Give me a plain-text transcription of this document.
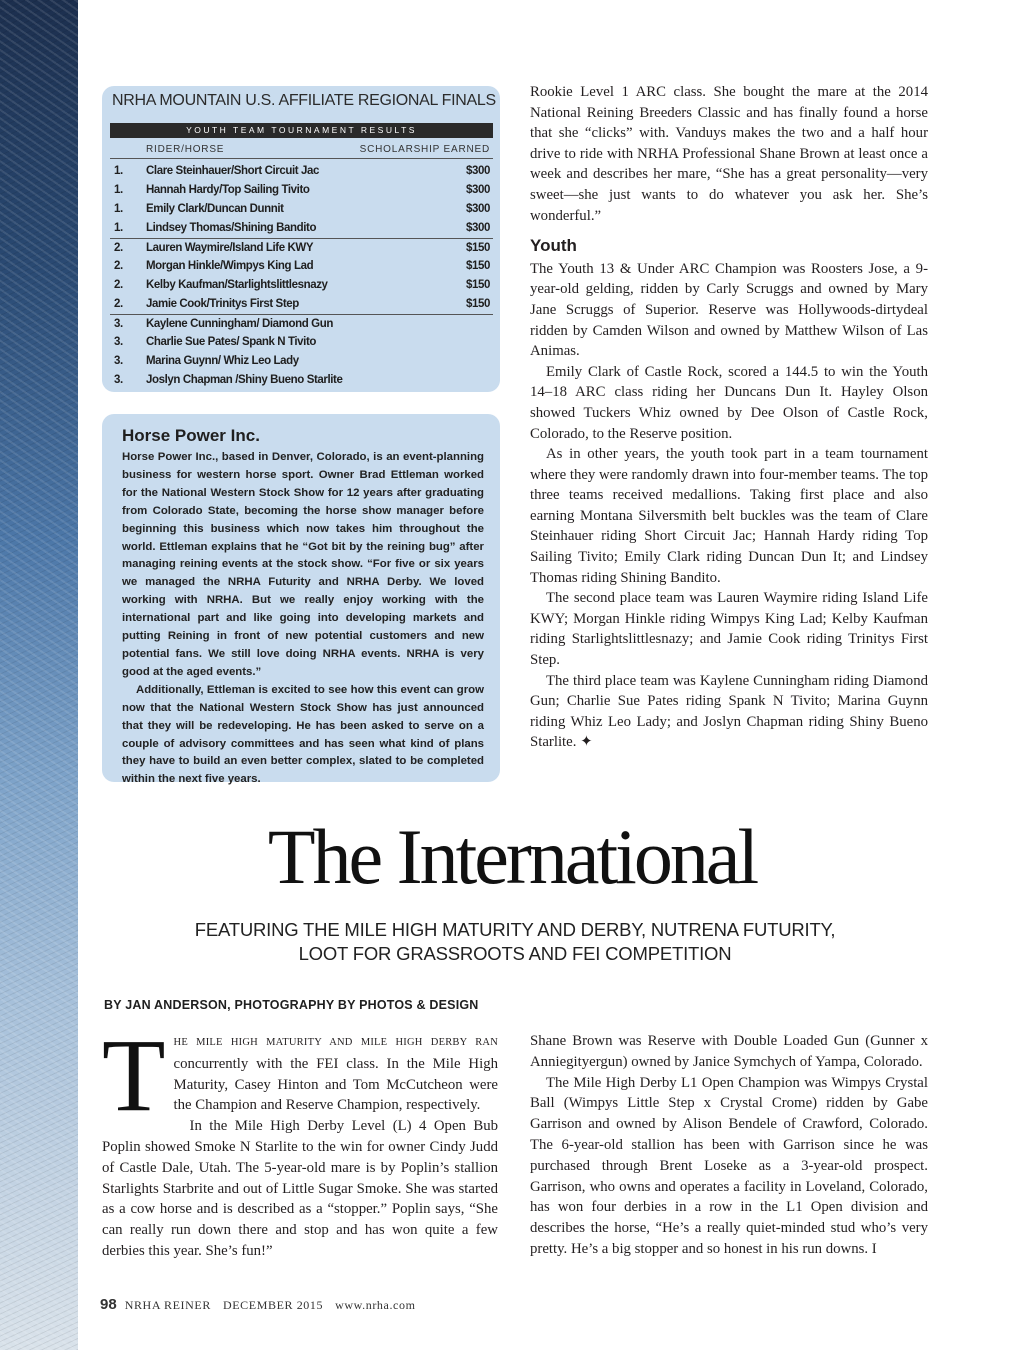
NRHA MOUNTAIN U.S. AFFILIATE REGIONAL FINALS
YOUTH TEAM TOURNAMENT RESULTS
RIDER/HORSE	SCHOLARSHIP EARNED
1. Clare Steinhauer/Short Circuit Jac	$300
1. Hannah Hardy/Top Sailing Tivito	$300
1. Emily Clark/Duncan Dunnit	$300
1. Lindsey Thomas/Shining Bandito	$300
2. Lauren Waymire/Island Life KWY	$150
2. Morgan Hinkle/Wimpys King Lad	$150
2. Kelby Kaufman/Starlightslittlesnazy	$150
2. Jamie Cook/Trinitys First Step	$150
3. Kaylene Cunningham/ Diamond Gun
3. Charlie Sue Pates/ Spank N Tivito
3. Marina Guynn/ Whiz Leo Lady
3. Joslyn Chapman /Shiny Bueno Starlite
Horse Power Inc.

Horse Power Inc., based in Denver, Colorado, is an event-planning business for western horse sport. Owner Brad Ettleman worked for the National Western Stock Show for 12 years after graduating from Colorado State, becoming the horse show manager before beginning this business which now takes him throughout the world. Ettleman explains that he “Got bit by the reining bug” after managing reining events at the stock show. “For five or six years we managed the NRHA Futurity and NRHA Derby. We loved working with NRHA. But we really enjoy working with the international part and like going into developing markets and putting Reining in front of new potential customers and new potential fans. We still love doing NRHA events. NRHA is very good at the aged events.”

Additionally, Ettleman is excited to see how this event can grow now that the National Western Stock Show has just announced that they will be redeveloping. He has been asked to serve on a couple of advisory committees and has seen what kind of plans they have to build an even better complex, slated to be completed within the next five years.

Rookie Level 1 ARC class. She bought the mare at the 2014 National Reining Breeders Classic and has finally found a horse that she “clicks” with. Vanduys makes the two and a half hour drive to ride with NRHA Professional Shane Brown at least once a week and describes her mare, “She has a great personality—very sweet—she just wants to do whatever you ask her. She’s wonderful.”

Youth

The Youth 13 & Under ARC Champion was Roosters Jose, a 9-year-old gelding, ridden by Carly Scruggs and owned by Mary Jane Scruggs of Superior. Reserve was Hollywoods-dirtydeal ridden by Camden Wilson and owned by Matthew Wilson of Las Animas.

Emily Clark of Castle Rock, scored a 144.5 to win the Youth 14–18 ARC class riding her Duncans Dun It. Hayley Olson showed Tuckers Whiz owned by Dee Olson of Castle Rock, Colorado, to the Reserve position.

As in other years, the youth took part in a team tournament where they were randomly drawn into four-member teams. The top three teams received medallions. Taking first place and also earning Montana Silversmith belt buckles was the team of Clare Steinhauer riding Short Circuit Jac; Hannah Hardy riding Top Sailing Tivito; Emily Clark riding Duncan Dun It; and Lindsey Thomas riding Shining Bandito.

The second place team was Lauren Waymire riding Island Life KWY; Morgan Hinkle riding Wimpys King Lad; Kelby Kaufman riding Starlightslittlesnazy; and Jamie Cook riding Trinitys First Step.

The third place team was Kaylene Cunningham riding Diamond Gun; Charlie Sue Pates riding Spank N Tivito; Marina Guynn riding Whiz Leo Lady; and Joslyn Chapman riding Shiny Bueno Starlite. ✦

The International
FEATURING THE MILE HIGH MATURITY AND DERBY, NUTRENA FUTURITY,
LOOT FOR GRASSROOTS AND FEI COMPETITION
BY JAN ANDERSON, PHOTOGRAPHY BY PHOTOS & DESIGN

THE MILE HIGH MATURITY AND MILE HIGH DERBY RAN concurrently with the FEI class. In the Mile High Maturity, Casey Hinton and Tom McCutcheon were the Champion and Reserve Champion, respectively.

In the Mile High Derby Level (L) 4 Open Bub Poplin showed Smoke N Starlite to the win for owner Cindy Judd of Castle Dale, Utah. The 5-year-old mare is by Poplin’s stallion Starlights Starbrite and out of Little Sugar Smoke. She was started as a cow horse and is described as a “stopper.” Poplin says, “She can really run down there and stop and has won quite a few derbies this year. She’s fun!”

Shane Brown was Reserve with Double Loaded Gun (Gunner x Anniegityergun) owned by Janice Symchych of Yampa, Colorado.

The Mile High Derby L1 Open Champion was Wimpys Crystal Ball (Wimpys Little Step x Crystal Crome) ridden by Gabe Garrison and owned by Alison Bendele of Crawford, Colorado. The 6-year-old stallion has been with Garrison since he was purchased through Brent Loseke as a 3-year-old prospect. Garrison, who owns and operates a facility in Loveland, Colorado, has won four derbies in a row in the L1 Open division and describes the horse, “He’s a really quiet-minded stud who’s very pretty. He’s a big stopper and so honest in his run downs. I

98 NRHA REINER DECEMBER 2015 www.nrha.com
